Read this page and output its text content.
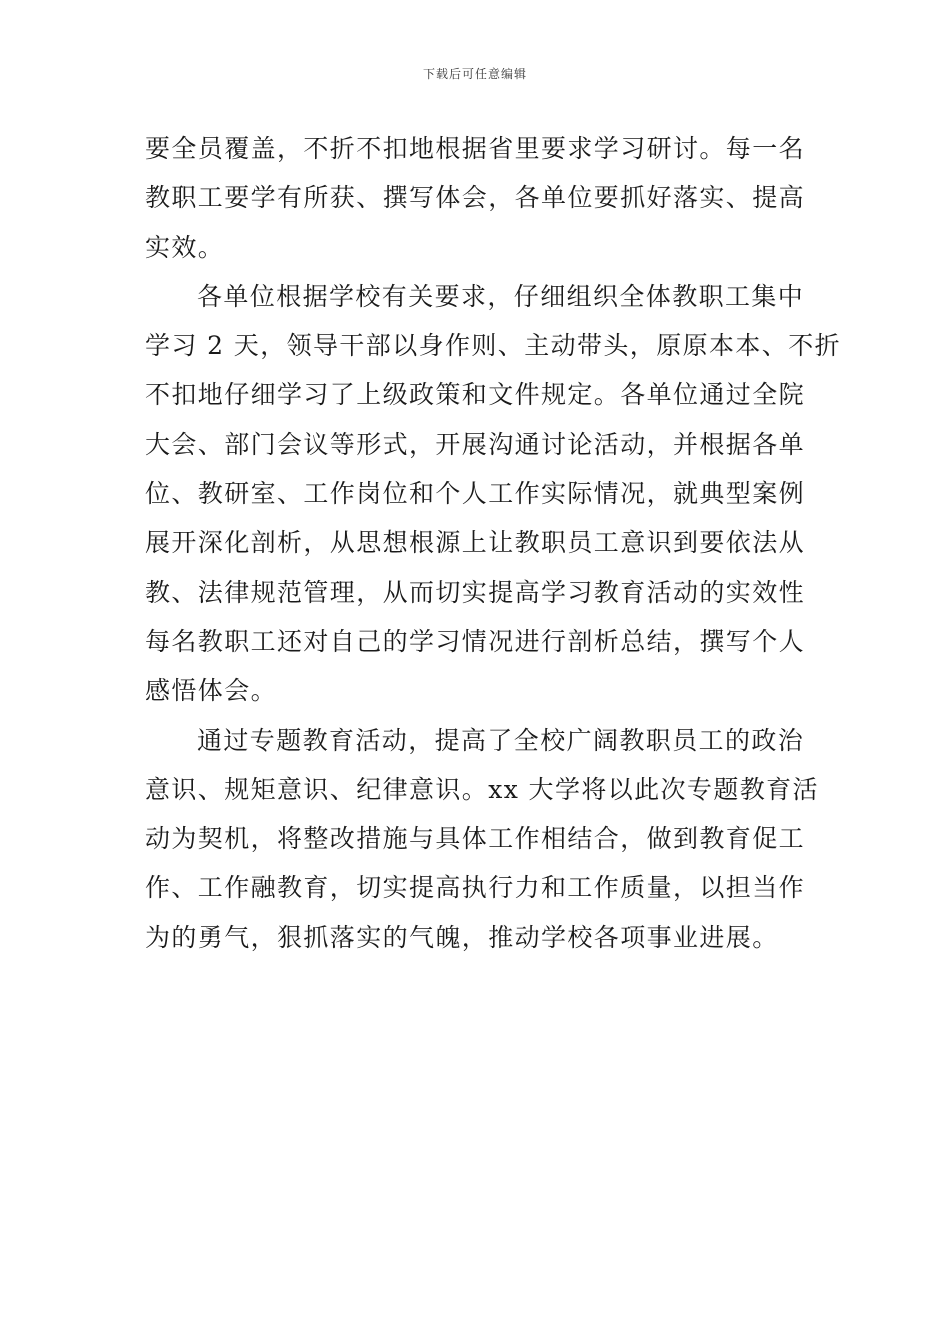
下载后可任意编辑
要全员覆盖，不折不扣地根据省里要求学习研讨。每一名
教职工要学有所获、撰写体会，各单位要抓好落实、提高
实效。
各单位根据学校有关要求，仔细组织全体教职工集中
学习 2 天，领导干部以身作则、主动带头，原原本本、不折
不扣地仔细学习了上级政策和文件规定。各单位通过全院
大会、部门会议等形式，开展沟通讨论活动，并根据各单
位、教研室、工作岗位和个人工作实际情况，就典型案例
展开深化剖析，从思想根源上让教职员工意识到要依法从
教、法律规范管理，从而切实提高学习教育活动的实效性
每名教职工还对自己的学习情况进行剖析总结，撰写个人
感悟体会。
通过专题教育活动，提高了全校广阔教职员工的政治
意识、规矩意识、纪律意识。xx 大学将以此次专题教育活
动为契机，将整改措施与具体工作相结合，做到教育促工
作、工作融教育，切实提高执行力和工作质量，以担当作
为的勇气，狠抓落实的气魄，推动学校各项事业进展。
